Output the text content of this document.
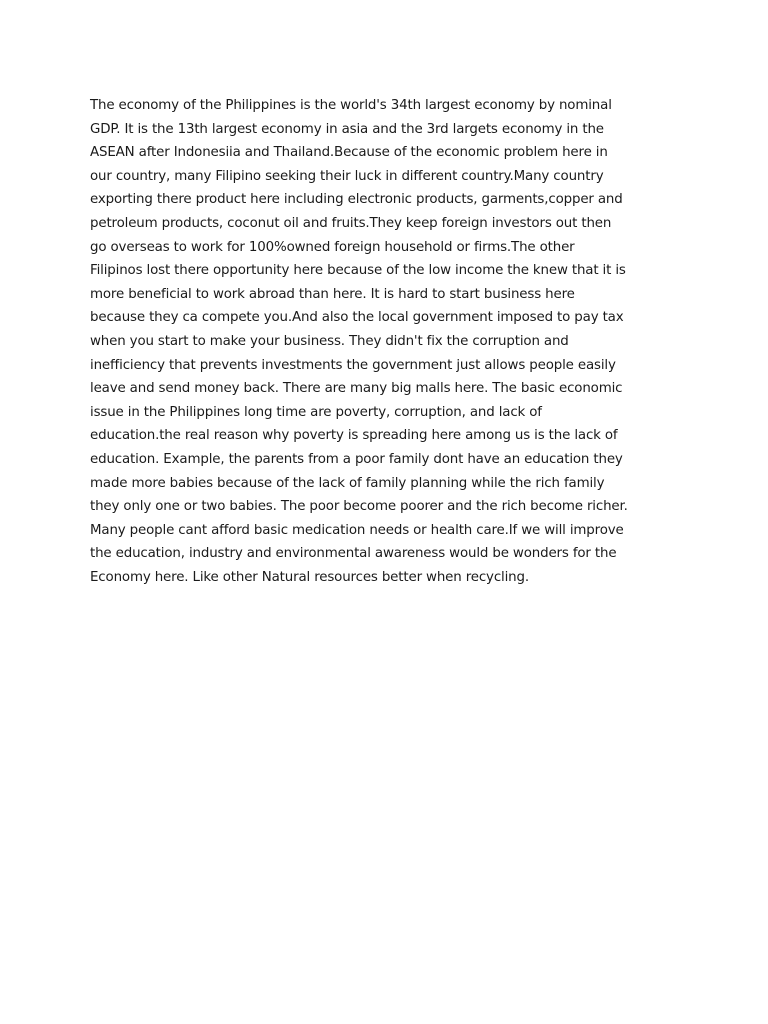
The economy of the Philippines is the world's 34th largest economy by nominal
GDP. It is the 13th largest economy in asia and the 3rd largets economy in the
ASEAN after Indonesiia and Thailand.Because of the economic problem here in
our country, many Filipino seeking their luck in different country.Many country
exporting there product here including electronic products, garments,copper and
petroleum products, coconut oil and fruits.They keep foreign investors out then
go overseas to work for 100%owned foreign household or firms.The other
Filipinos lost there opportunity here because of the low income the knew that it is
more beneficial to work abroad than here. It is hard to start business here
because they ca compete you.And also the local government imposed to pay tax
when you start to make your business. They didn't fix the corruption and
inefficiency that prevents investments the government just allows people easily
leave and send money back. There are many big malls here. The basic economic
issue in the Philippines long time are poverty, corruption, and lack of
education.the real reason why poverty is spreading here among us is the lack of
education. Example, the parents from a poor family dont have an education they
made more babies because of the lack of family planning while the rich family
they only one or two babies. The poor become poorer and the rich become richer.
Many people cant afford basic medication needs or health care.If we will improve
the education, industry and environmental awareness would be wonders for the
Economy here. Like other Natural resources better when recycling.
